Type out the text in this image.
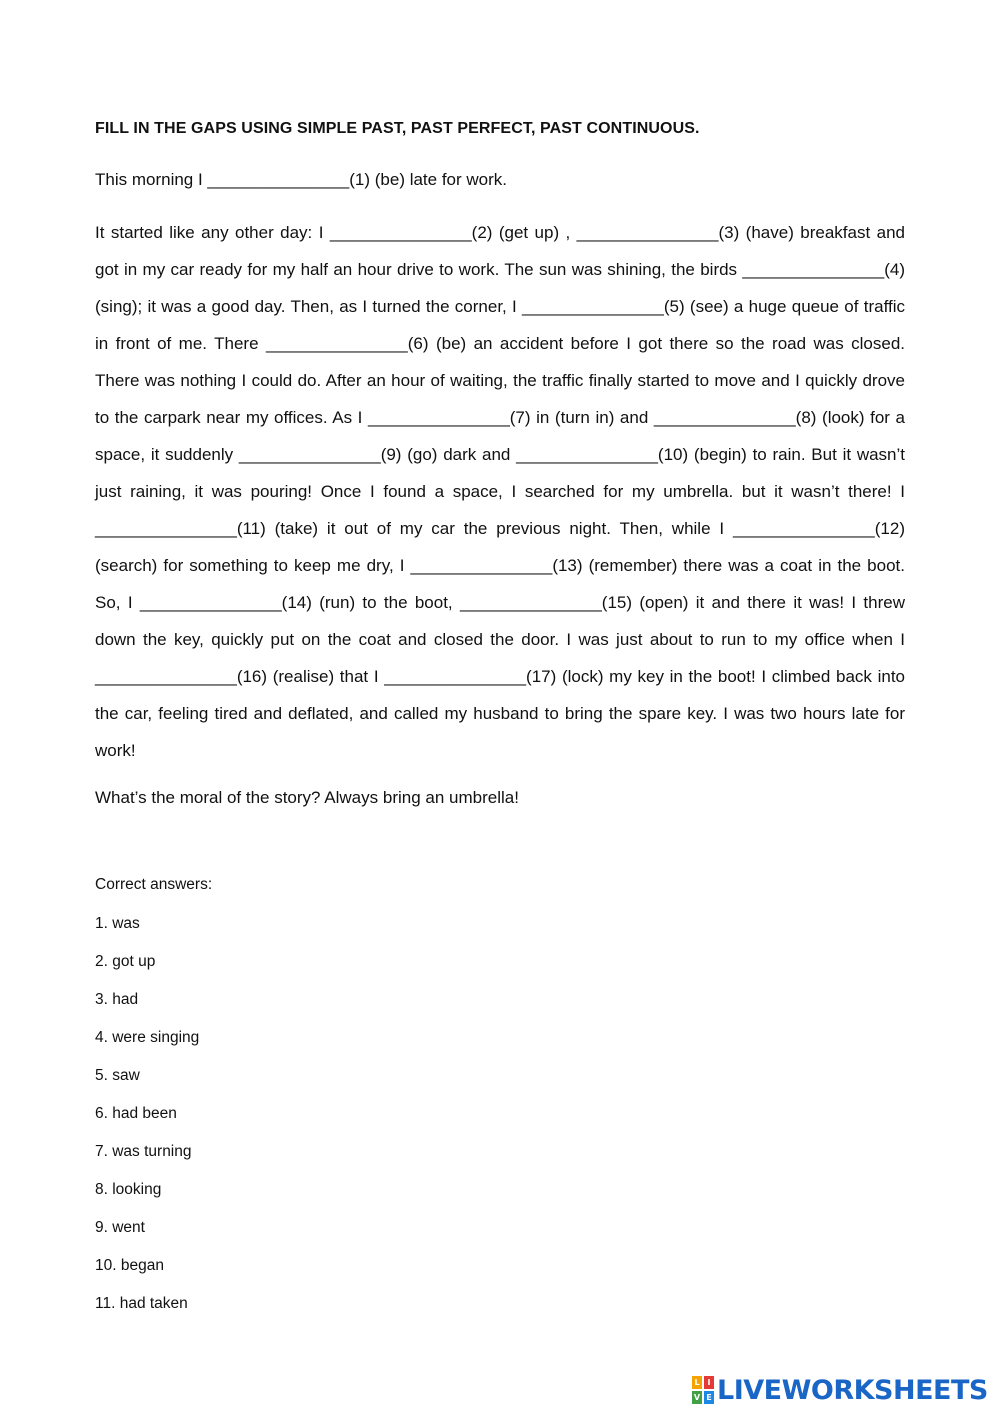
FILL IN THE GAPS USING SIMPLE PAST, PAST PERFECT, PAST CONTINUOUS.
This morning I _______________(1) (be) late for work.

It started like any other day: I _______________(2) (get up) , _______________(3) (have) breakfast and got in my car ready for my half an hour drive to work. The sun was shining, the birds _______________(4) (sing); it was a good day. Then, as I turned the corner, I _______________(5) (see) a huge queue of traffic in front of me. There _______________(6) (be) an accident before I got there so the road was closed. There was nothing I could do. After an hour of waiting, the traffic finally started to move and I quickly drove to the carpark near my offices. As I _______________(7) in (turn in) and _______________(8) (look) for a space, it suddenly _______________(9) (go) dark and _______________(10) (begin) to rain. But it wasn’t just raining, it was pouring! Once I found a space, I searched for my umbrella. but it wasn’t there! I _______________(11) (take) it out of my car the previous night. Then, while I _______________(12) (search) for something to keep me dry, I _______________(13) (remember) there was a coat in the boot. So, I _______________(14) (run) to the boot, _______________(15) (open) it and there it was! I threw down the key, quickly put on the coat and closed the door. I was just about to run to my office when I _______________(16) (realise) that I _______________(17) (lock) my key in the boot! I climbed back into the car, feeling tired and deflated, and called my husband to bring the spare key. I was two hours late for work!

What’s the moral of the story? Always bring an umbrella!
Correct answers:
1. was
2. got up
3. had
4. were singing
5. saw
6. had been
7. was turning
8. looking
9. went
10. began
11. had taken
L I
V E LIVEWORKSHEETS
